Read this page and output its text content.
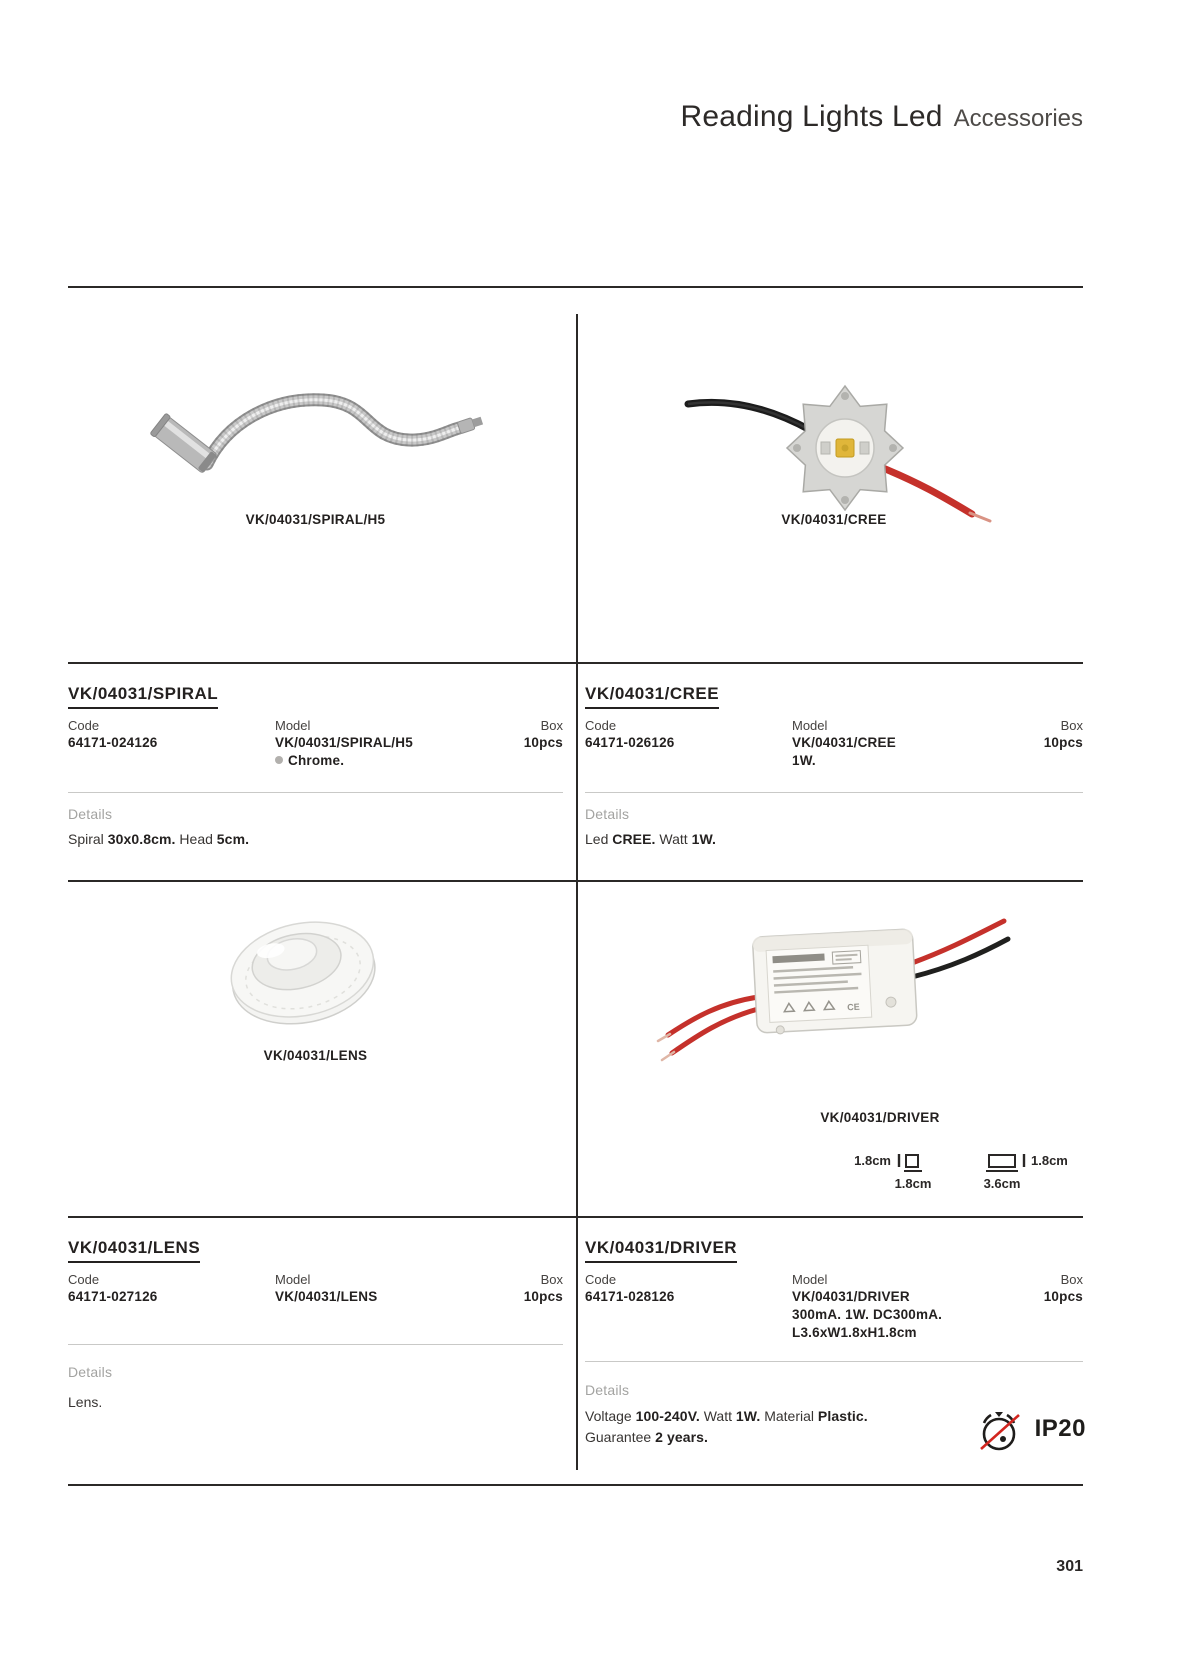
Reading Lights Led Accessories
VK/04031/SPIRAL/H5	VK/04031/CREE
VK/04031/LENS
CE
VK/04031/DRIVER
1.8cm
1.8cm
1.8cm
3.6cm
VK/04031/SPIRAL
Code
64171-024126
Model
VK/04031/SPIRAL/H5
Chrome.
Box
10pcs
Details

Spiral 30x0.8cm. Head 5cm.

VK/04031/CREE
Code
64171-026126
Model
VK/04031/CREE
1W.
Box
10pcs
Details

Led CREE. Watt 1W.

VK/04031/LENS
Code
64171-027126
Model
VK/04031/LENS
Box
10pcs
Details

Lens.

VK/04031/DRIVER
Code
64171-028126
Model
VK/04031/DRIVER
300mA. 1W. DC300mA.
L3.6xW1.8xH1.8cm
Box
10pcs
Details

Voltage 100-240V. Watt 1W. Material Plastic.
Guarantee 2 years.	IP20
301
